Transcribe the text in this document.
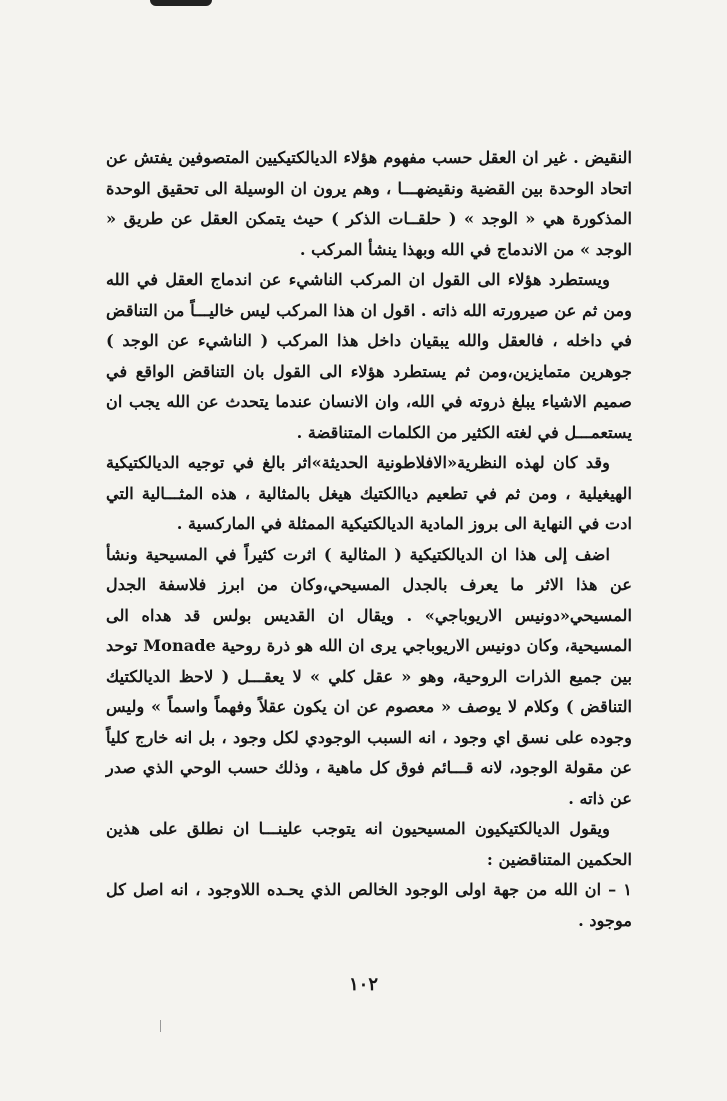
النقيض . غير ان العقل حسب مفهوم هؤلاء الديالكتيكيين المتصوفين يفتش عن اتحاد الوحدة بين القضية ونقيضهـــا ، وهم يرون ان الوسيلة الى تحقيق الوحدة المذكورة هي « الوجد » ( حلقــات الذكر ) حيث يتمكن العقل عن طريق « الوجد » من الاندماج في الله وبهذا ينشأ المركب .

ويستطرد هؤلاء الى القول ان المركب الناشيء عن اندماج العقل في الله ومن ثم عن صيرورته الله ذاته . اقول ان هذا المركب ليس خاليـــاً من التناقض في داخله ، فالعقل والله يبقيان داخل هذا المركب ( الناشيء عن الوجد ) جوهرين متمايزين،ومن ثم يستطرد هؤلاء الى القول بان التناقض الواقع في صميم الاشياء يبلغ ذروته في الله، وان الانسان عندما يتحدث عن الله يجب ان يستعمـــل في لغته الكثير من الكلمات المتناقضة .

وقد كان لهذه النظرية«الافلاطونية الحديثة»اثر بالغ في توجيه الديالكتيكية الهيغيلية ، ومن ثم في تطعيم دياالكتيك هيغل بالمثالية ، هذه المثـــالية التي ادت في النهاية الى بروز المادية الديالكتيكية الممثلة في الماركسية .

اضف إلى هذا ان الديالكتيكية ( المثالية ) اثرت كثيراً في المسيحية ونشأ عن هذا الاثر ما يعرف بالجدل المسيحي،وكان من ابرز فلاسفة الجدل المسيحي«دونيس الاريوباجي» . ويقال ان القديس بولس قد هداه الى المسيحية، وكان دونيس الاريوباجي يرى ان الله هو ذرة روحية Monade توحد بين جميع الذرات الروحية، وهو « عقل كلي » لا يعقـــل ( لاحظ الديالكتيك التناقض ) وكلام لا يوصف « معصوم عن ان يكون عقلاً وفهماً واسماً » وليس وجوده على نسق اي وجود ، انه السبب الوجودي لكل وجود ، بل انه خارج كلياً عن مقولة الوجود، لانه قـــائم فوق كل ماهية ، وذلك حسب الوحي الذي صدر عن ذاته .

ويقول الديالكتيكيون المسيحيون انه يتوجب علينـــا ان نطلق على هذين الحكمين المتناقضين :

١ – ان الله من جهة اولى الوجود الخالص الذي يحـده اللاوجود ، انه اصل كل موجود .

١٠٢
